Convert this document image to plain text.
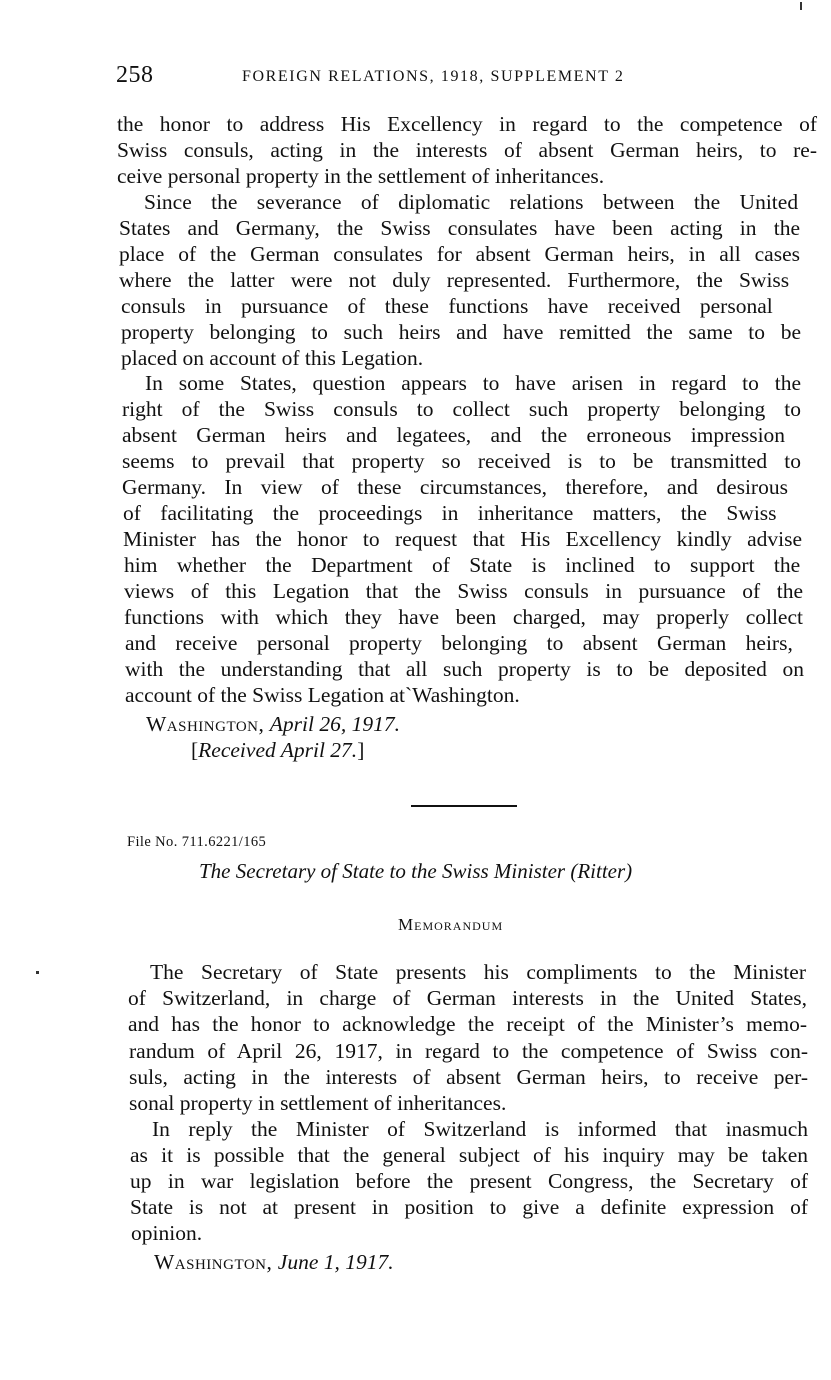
258	FOREIGN RELATIONS, 1918, SUPPLEMENT 2
the honor to address His Excellency in regard to the competence of
Swiss consuls, acting in the interests of absent German heirs, to re-
ceive personal property in the settlement of inheritances.
Since the severance of diplomatic relations between the United
States and Germany, the Swiss consulates have been acting in the
place of the German consulates for absent German heirs, in all cases
where the latter were not duly represented. Furthermore, the Swiss
consuls in pursuance of these functions have received personal
property belonging to such heirs and have remitted the same to be
placed on account of this Legation.
In some States, question appears to have arisen in regard to the
right of the Swiss consuls to collect such property belonging to
absent German heirs and legatees, and the erroneous impression
seems to prevail that property so received is to be transmitted to
Germany. In view of these circumstances, therefore, and desirous
of facilitating the proceedings in inheritance matters, the Swiss
Minister has the honor to request that His Excellency kindly advise
him whether the Department of State is inclined to support the
views of this Legation that the Swiss consuls in pursuance of the
functions with which they have been charged, may properly collect
and receive personal property belonging to absent German heirs,
with the understanding that all such property is to be deposited on
account of the Swiss Legation at`Washington.
Washington, April 26, 1917.
[Received April 27.]
File No. 711.6221/165
The Secretary of State to the Swiss Minister (Ritter)
Memorandum
The Secretary of State presents his compliments to the Minister
of Switzerland, in charge of German interests in the United States,
and has the honor to acknowledge the receipt of the Minister’s memo-
randum of April 26, 1917, in regard to the competence of Swiss con-
suls, acting in the interests of absent German heirs, to receive per-
sonal property in settlement of inheritances.
In reply the Minister of Switzerland is informed that inasmuch
as it is possible that the general subject of his inquiry may be taken
up in war legislation before the present Congress, the Secretary of
State is not at present in position to give a definite expression of
opinion.
Washington, June 1, 1917.
